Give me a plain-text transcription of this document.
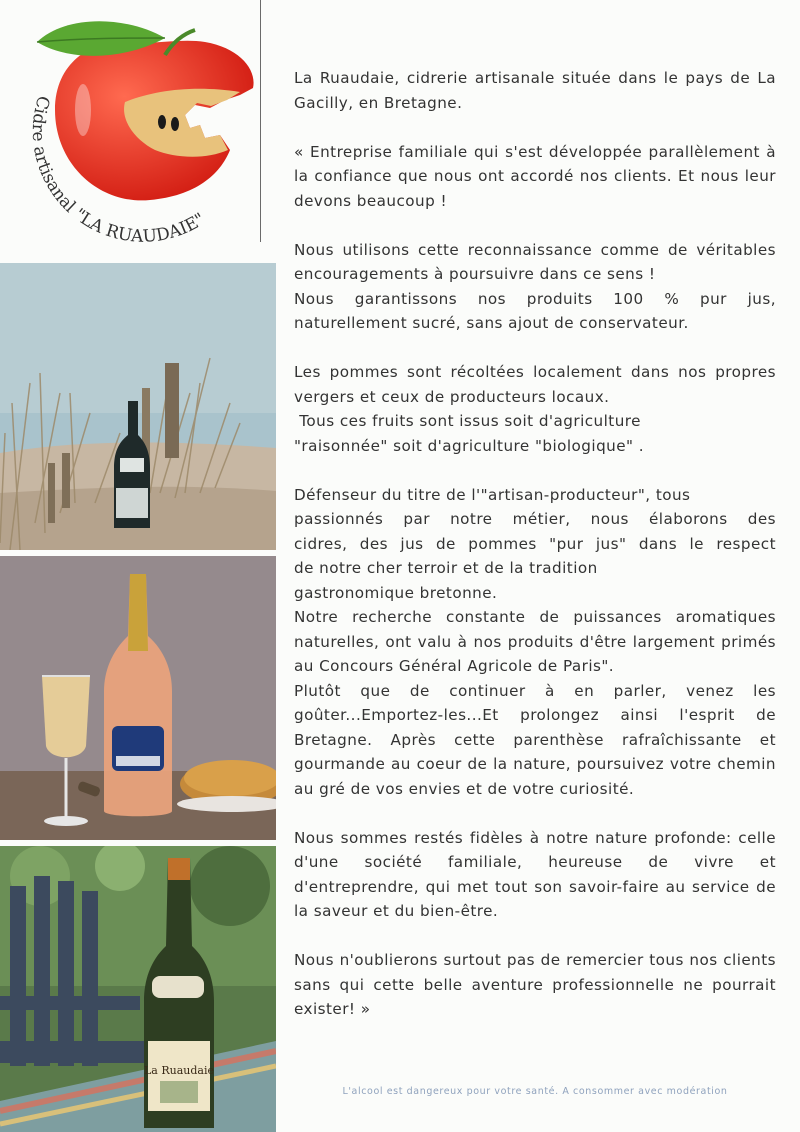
Cidre artisanal "LA RUAUDAIE"
La Ruaudaie

La Ruaudaie, cidrerie artisanale située dans le pays de La Gacilly, en Bretagne.

« Entreprise familiale qui s'est développée parallèlement à la confiance que nous ont accordé nos clients. Et nous leur devons beaucoup !

Nous utilisons cette reconnaissance comme de véritables encouragements à poursuivre dans ce sens !
Nous garantissons nos produits 100 % pur jus, naturellement sucré, sans ajout de conservateur.

Les pommes sont récoltées localement dans nos propres vergers et ceux de producteurs locaux.
Tous ces fruits sont issus soit d'agriculture
"raisonnée" soit d'agriculture "biologique" .

Défenseur du titre de l'"artisan-producteur", tous
passionnés par notre métier, nous élaborons des
cidres, des jus de pommes "pur jus" dans le respect
de notre cher terroir et de la tradition
gastronomique bretonne.

Notre recherche constante de puissances aromatiques naturelles, ont valu à nos produits d'être largement primés au Concours Général Agricole de Paris".

Plutôt que de continuer à en parler, venez les goûter...Emportez-les...Et prolongez ainsi l'esprit de Bretagne. Après cette parenthèse rafraîchissante et gourmande au coeur de la nature, poursuivez votre chemin au gré de vos envies et de votre curiosité.

Nous sommes restés fidèles à notre nature profonde: celle d'une société familiale, heureuse de vivre et d'entreprendre, qui met tout son savoir-faire au service de la saveur et du bien-être.

Nous n'oublierons surtout pas de remercier tous nos clients sans qui cette belle aventure professionnelle ne pourrait exister! »

L'alcool est dangereux pour votre santé. A consommer avec modération
